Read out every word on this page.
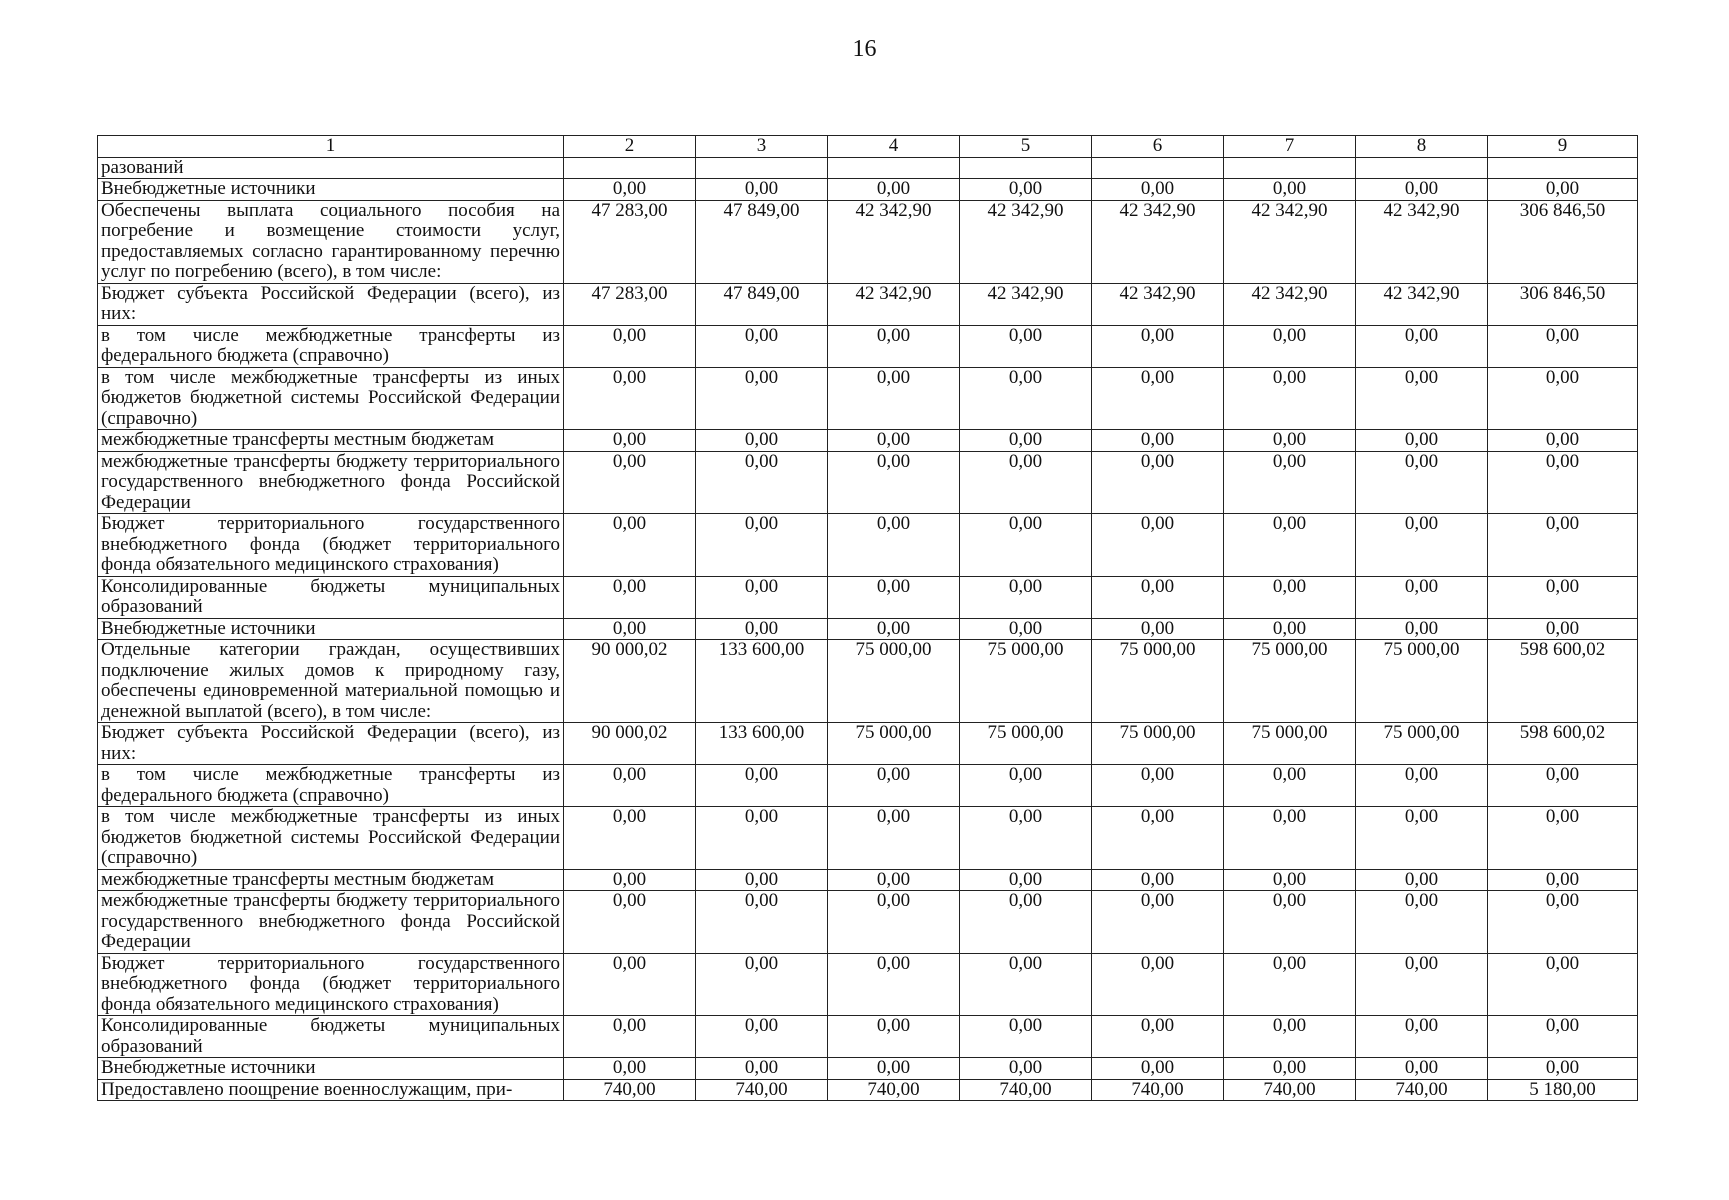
16
1	2	3	4	5	6	7	8	9
разований								
Внебюджетные источники	0,00	0,00	0,00	0,00	0,00	0,00	0,00	0,00
Обеспечены выплата социального пособия на погребение и возмещение стоимости услуг, предоставляемых согласно гарантированному перечню услуг по погребению (всего), в том числе:	47 283,00	47 849,00	42 342,90	42 342,90	42 342,90	42 342,90	42 342,90	306 846,50
Бюджет субъекта Российской Федерации (всего), из них:	47 283,00	47 849,00	42 342,90	42 342,90	42 342,90	42 342,90	42 342,90	306 846,50
в том числе межбюджетные трансферты из федерального бюджета (справочно)	0,00	0,00	0,00	0,00	0,00	0,00	0,00	0,00
в том числе межбюджетные трансферты из иных бюджетов бюджетной системы Российской Федерации (справочно)	0,00	0,00	0,00	0,00	0,00	0,00	0,00	0,00
межбюджетные трансферты местным бюджетам	0,00	0,00	0,00	0,00	0,00	0,00	0,00	0,00
межбюджетные трансферты бюджету территориального государственного внебюджетного фонда Российской Федерации	0,00	0,00	0,00	0,00	0,00	0,00	0,00	0,00
Бюджет территориального государственного внебюджетного фонда (бюджет территориального фонда обязательного медицинского страхования)	0,00	0,00	0,00	0,00	0,00	0,00	0,00	0,00
Консолидированные бюджеты муниципальных образований	0,00	0,00	0,00	0,00	0,00	0,00	0,00	0,00
Внебюджетные источники	0,00	0,00	0,00	0,00	0,00	0,00	0,00	0,00
Отдельные категории граждан, осуществивших подключение жилых домов к природному газу, обеспечены единовременной материальной помощью и денежной выплатой (всего), в том числе:	90 000,02	133 600,00	75 000,00	75 000,00	75 000,00	75 000,00	75 000,00	598 600,02
Бюджет субъекта Российской Федерации (всего), из них:	90 000,02	133 600,00	75 000,00	75 000,00	75 000,00	75 000,00	75 000,00	598 600,02
в том числе межбюджетные трансферты из федерального бюджета (справочно)	0,00	0,00	0,00	0,00	0,00	0,00	0,00	0,00
в том числе межбюджетные трансферты из иных бюджетов бюджетной системы Российской Федерации (справочно)	0,00	0,00	0,00	0,00	0,00	0,00	0,00	0,00
межбюджетные трансферты местным бюджетам	0,00	0,00	0,00	0,00	0,00	0,00	0,00	0,00
межбюджетные трансферты бюджету территориального государственного внебюджетного фонда Российской Федерации	0,00	0,00	0,00	0,00	0,00	0,00	0,00	0,00
Бюджет территориального государственного внебюджетного фонда (бюджет территориального фонда обязательного медицинского страхования)	0,00	0,00	0,00	0,00	0,00	0,00	0,00	0,00
Консолидированные бюджеты муниципальных образований	0,00	0,00	0,00	0,00	0,00	0,00	0,00	0,00
Внебюджетные источники	0,00	0,00	0,00	0,00	0,00	0,00	0,00	0,00
Предоставлено поощрение военнослужащим, при-	740,00	740,00	740,00	740,00	740,00	740,00	740,00	5 180,00
